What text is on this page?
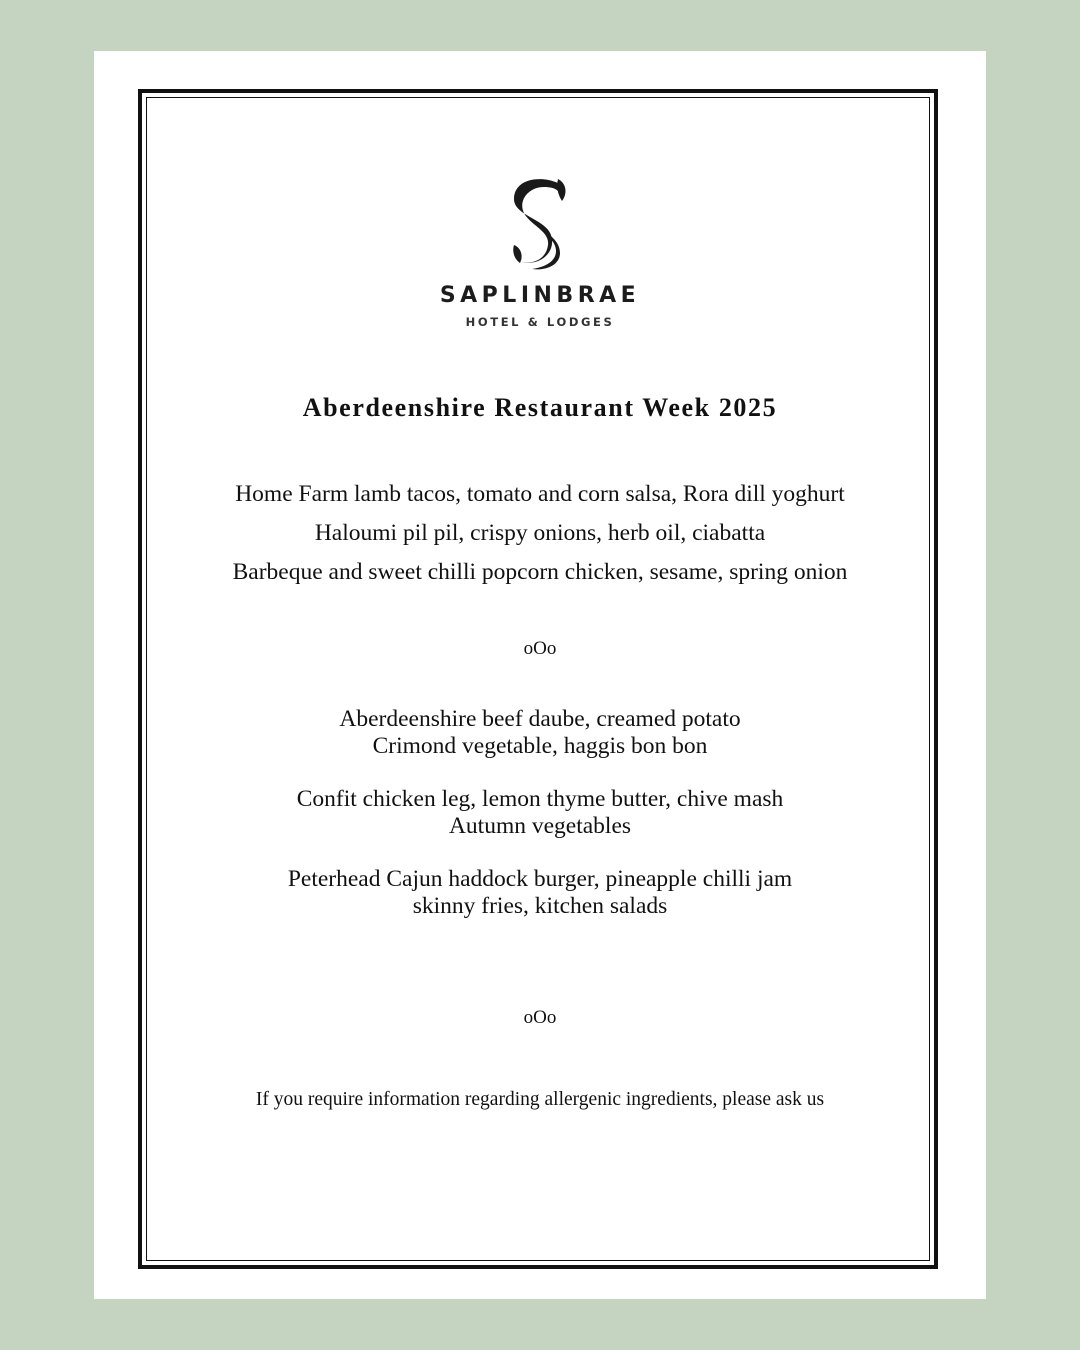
SAPLINBRAE
HOTEL & LODGES
Aberdeenshire Restaurant Week 2025
Home Farm lamb tacos, tomato and corn salsa, Rora dill yoghurt
Haloumi pil pil, crispy onions, herb oil, ciabatta
Barbeque and sweet chilli popcorn chicken, sesame, spring onion
oOo
Aberdeenshire beef daube, creamed potato
Crimond vegetable, haggis bon bon
Confit chicken leg, lemon thyme butter, chive mash
Autumn vegetables
Peterhead Cajun haddock burger, pineapple chilli jam
skinny fries, kitchen salads
oOo
If you require information regarding allergenic ingredients, please ask us
